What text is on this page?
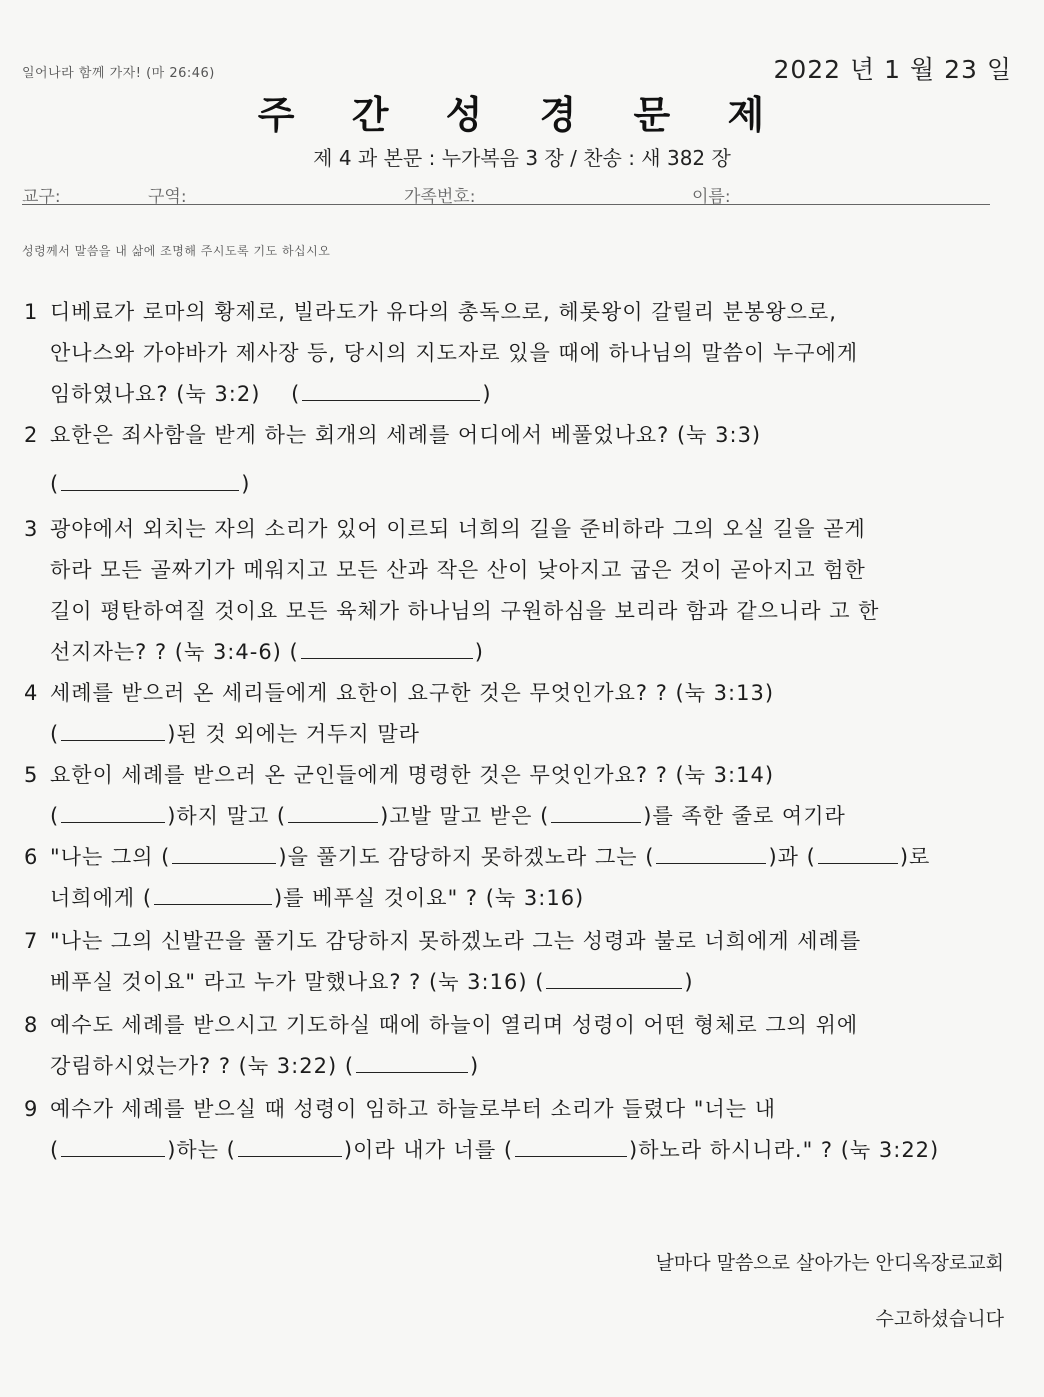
일어나라 함께 가자! (마 26:46)	2022 년 1 월 23 일
주 간 성 경 문 제
제 4 과 본문 : 누가복음 3 장 / 찬송 : 새 382 장
교구:	구역:	가족번호:	이름:
성령께서 말씀을 내 삶에 조명해 주시도록 기도 하십시오
1 디베료가 로마의 황제로, 빌라도가 유다의 총독으로, 헤롯왕이 갈릴리 분봉왕으로,
안나스와 가야바가 제사장 등, 당시의 지도자로 있을 때에 하나님의 말씀이 누구에게
임하였나요? (눅 3:2)    (	)
2 요한은 죄사함을 받게 하는 회개의 세례를 어디에서 베풀었나요? (눅 3:3)
(	)
3 광야에서 외치는 자의 소리가 있어 이르되 너희의 길을 준비하라 그의 오실 길을 곧게
하라 모든 골짜기가 메워지고 모든 산과 작은 산이 낮아지고 굽은 것이 곧아지고 험한
길이 평탄하여질 것이요 모든 육체가 하나님의 구원하심을 보리라 함과 같으니라 고 한
선지자는? ? (눅 3:4-6) (	)
4 세례를 받으러 온 세리들에게 요한이 요구한 것은 무엇인가요? ? (눅 3:13)
(	)된 것 외에는 거두지 말라
5 요한이 세례를 받으러 온 군인들에게 명령한 것은 무엇인가요? ? (눅 3:14)
(	)하지 말고 (	)고발 말고 받은 (	)를 족한 줄로 여기라
6 "나는 그의 (	)을 풀기도 감당하지 못하겠노라 그는 (	)과 (	)로
너희에게 (	)를 베푸실 것이요" ? (눅 3:16)
7 "나는 그의 신발끈을 풀기도 감당하지 못하겠노라 그는 성령과 불로 너희에게 세례를
베푸실 것이요" 라고 누가 말했나요? ? (눅 3:16) (	)
8 예수도 세례를 받으시고 기도하실 때에 하늘이 열리며 성령이 어떤 형체로 그의 위에
강림하시었는가? ? (눅 3:22) (	)
9 예수가 세례를 받으실 때 성령이 임하고 하늘로부터 소리가 들렸다 "너는 내
(	)하는 (	)이라 내가 너를 (	)하노라 하시니라." ? (눅 3:22)
날마다 말씀으로 살아가는 안디옥장로교회
수고하셨습니다
